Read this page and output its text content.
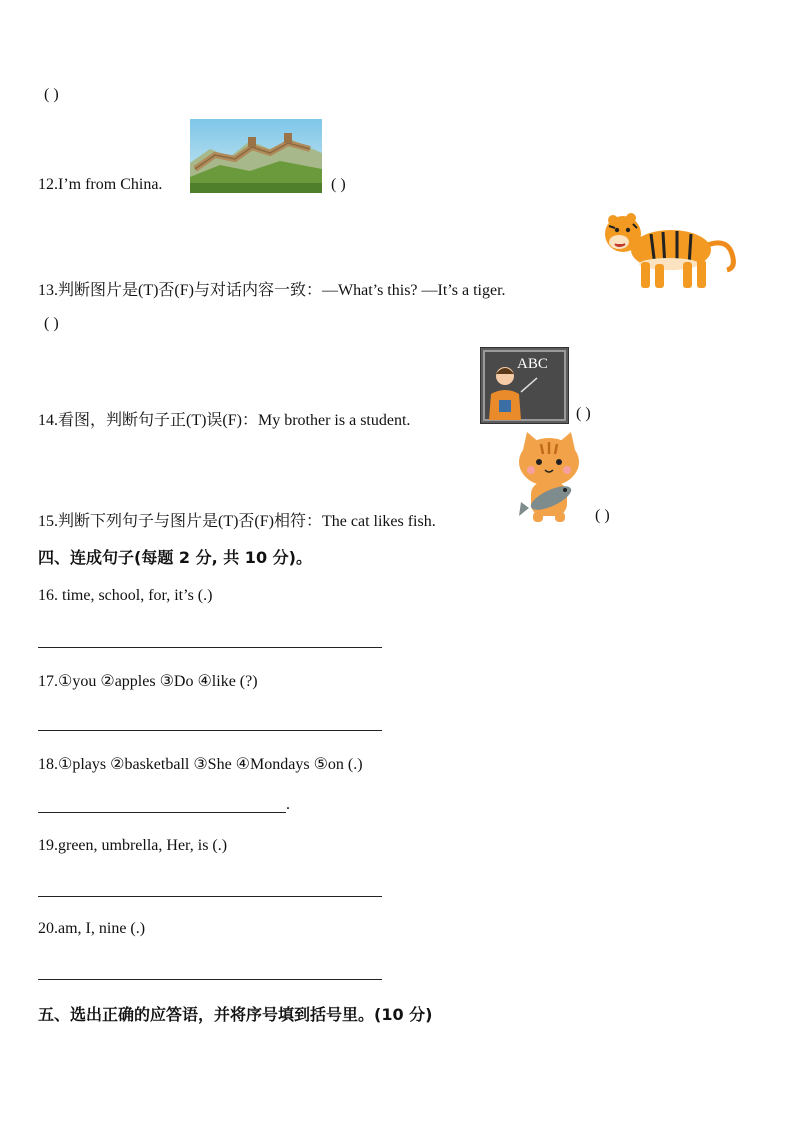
( )
12.I’m from China.	( )
13.判断图片是(T)否(F)与对话内容一致：—What’s this? —It’s a tiger.
( )
ABC
14.看图，判断句子正(T)误(F)：My brother is a student.	( )
15.判断下列句子与图片是(T)否(F)相符：The cat likes fish.	( )
四、连成句子(每题 2 分, 共 10 分)。
16. time, school, for, it’s (.)
17.①you ②apples ③Do ④like (?)
18.①plays ②basketball ③She ④Mondays ⑤on (.)
.
19.green, umbrella, Her, is (.)
20.am, I, nine (.)
五、选出正确的应答语，并将序号填到括号里。(10 分)
